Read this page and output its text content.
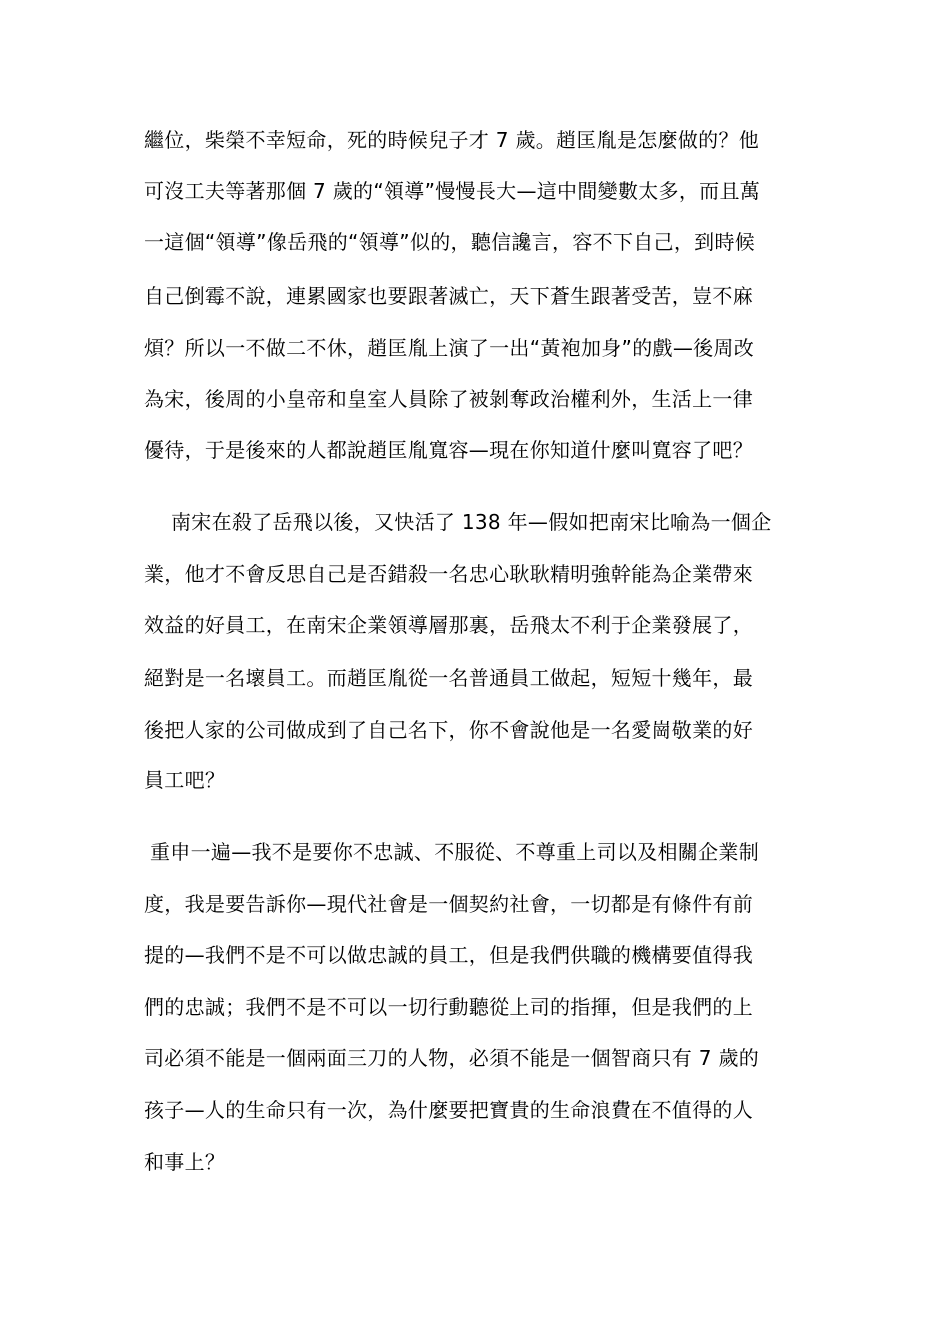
繼位，柴榮不幸短命，死的時候兒子才 7 歲。趙匡胤是怎麼做的？他
可沒工夫等著那個 7 歲的“領導”慢慢長大—這中間變數太多，而且萬
一這個“領導”像岳飛的“領導”似的，聽信讒言，容不下自己，到時候
自己倒霉不說，連累國家也要跟著滅亡，天下蒼生跟著受苦，豈不麻
煩？所以一不做二不休，趙匡胤上演了一出“黃袍加身”的戲—後周改
為宋，後周的小皇帝和皇室人員除了被剝奪政治權利外，生活上一律
優待，于是後來的人都說趙匡胤寬容—現在你知道什麼叫寬容了吧？
南宋在殺了岳飛以後，又快活了 138 年—假如把南宋比喻為一個企
業，他才不會反思自己是否錯殺一名忠心耿耿精明強幹能為企業帶來
效益的好員工，在南宋企業領導層那裏，岳飛太不利于企業發展了，
絕對是一名壞員工。而趙匡胤從一名普通員工做起，短短十幾年，最
後把人家的公司做成到了自己名下，你不會說他是一名愛崗敬業的好
員工吧？
重申一遍—我不是要你不忠誠、不服從、不尊重上司以及相關企業制
度，我是要告訴你—現代社會是一個契約社會，一切都是有條件有前
提的—我們不是不可以做忠誠的員工，但是我們供職的機構要值得我
們的忠誠；我們不是不可以一切行動聽從上司的指揮，但是我們的上
司必須不能是一個兩面三刀的人物，必須不能是一個智商只有 7 歲的
孩子—人的生命只有一次，為什麼要把寶貴的生命浪費在不值得的人
和事上？
